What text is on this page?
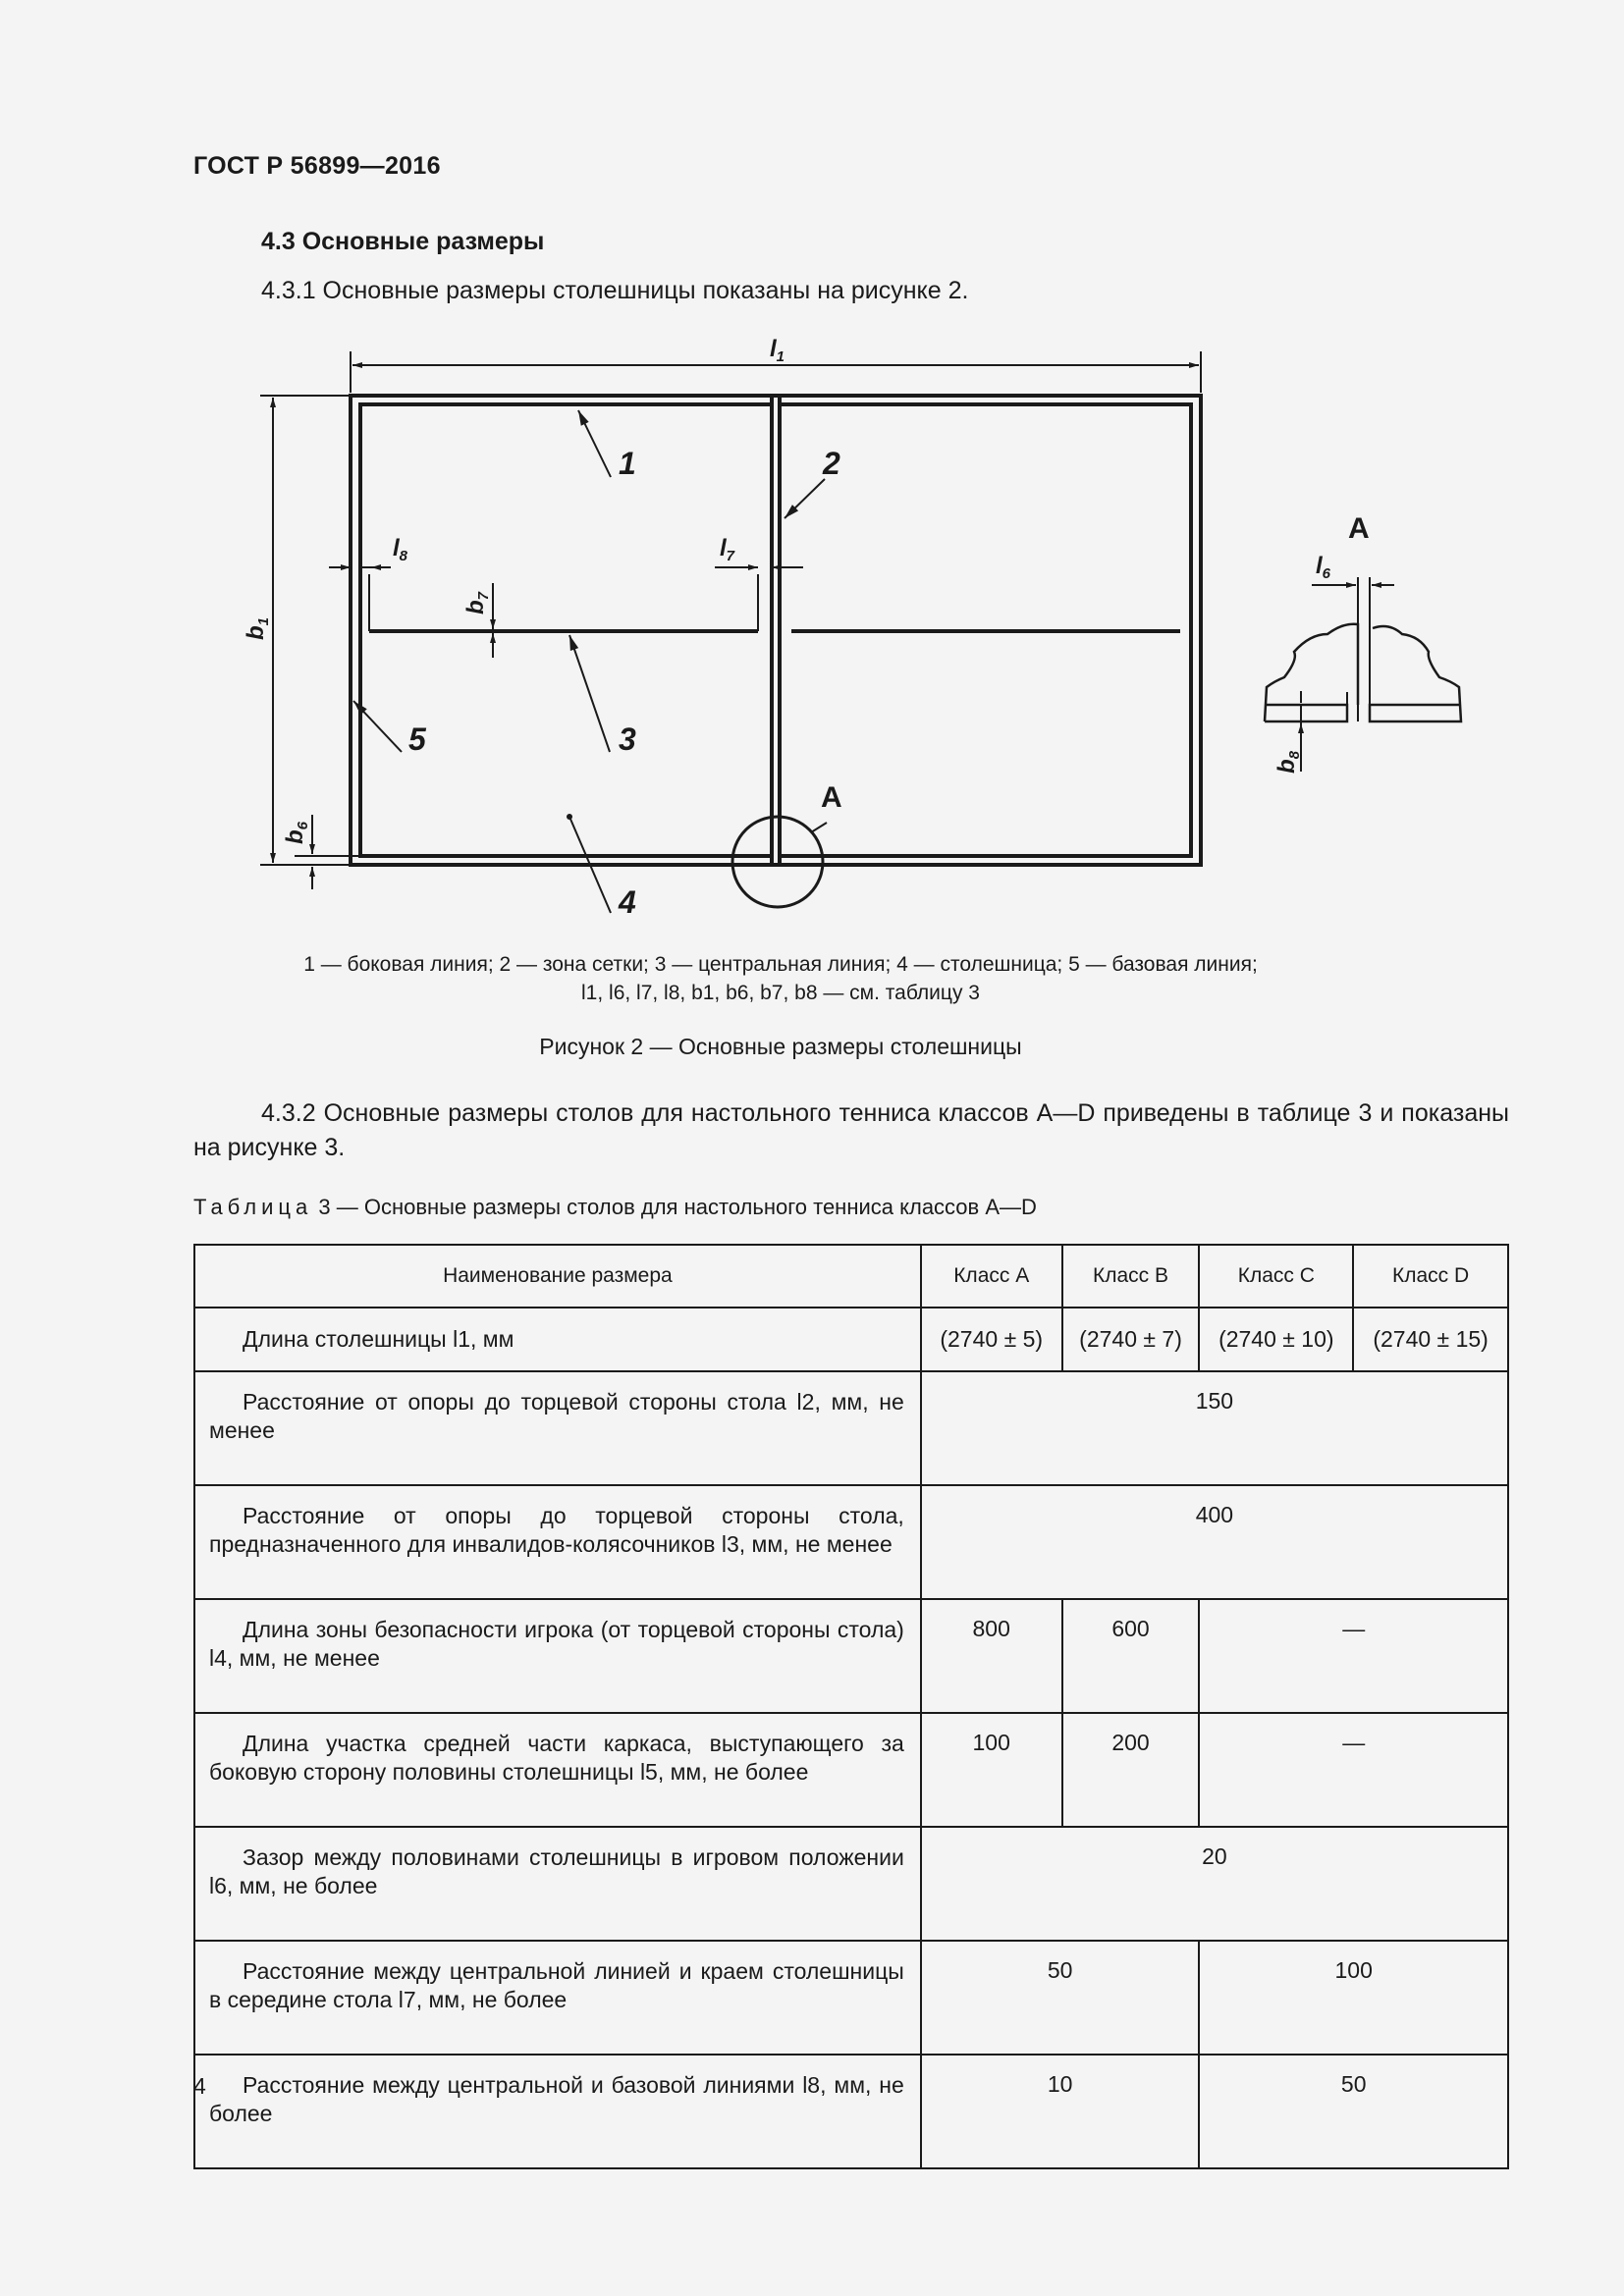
ГОСТ Р 56899—2016
4.3 Основные размеры
4.3.1 Основные размеры столешницы показаны на рисунке 2.
1	2
3
4
5
A
A
$l_1$
$l_8$	$l_7$	$l_6$
$b_1$
$b_6$
$b_7$
$b_8$
1 — боковая линия; 2 — зона сетки; 3 — центральная линия; 4 — столешница; 5 — базовая линия;
l1, l6, l7, l8, b1, b6, b7, b8 — см. таблицу 3
Рисунок 2 — Основные размеры столешницы
4.3.2 Основные размеры столов для настольного тенниса классов A—D приведены в таблице 3 и показаны на рисунке 3.
Таблица 3 — Основные размеры столов для настольного тенниса классов A—D
Наименование размера	Класс А	Класс В	Класс С	Класс D
Длина столешницы l1, мм	(2740 ± 5)	(2740 ± 7)	(2740 ± 10)	(2740 ± 15)
Расстояние от опоры до торцевой стороны стола l2, мм, не менее	150			
Расстояние от опоры до торцевой стороны стола, предназначенного для инвалидов-колясочников l3, мм, не менее	400			
Длина зоны безопасности игрока (от торцевой стороны стола) l4, мм, не менее	800	600	—	
Длина участка средней части каркаса, выступающего за боковую сторону половины столешницы l5, мм, не более	100	200	—	
Зазор между половинами столешницы в игровом положении l6, мм, не более	20			
Расстояние между центральной линией и краем столешницы в середине стола l7, мм, не более	50		100	
Расстояние между центральной и базовой линиями l8, мм, не более	10		50	
4
